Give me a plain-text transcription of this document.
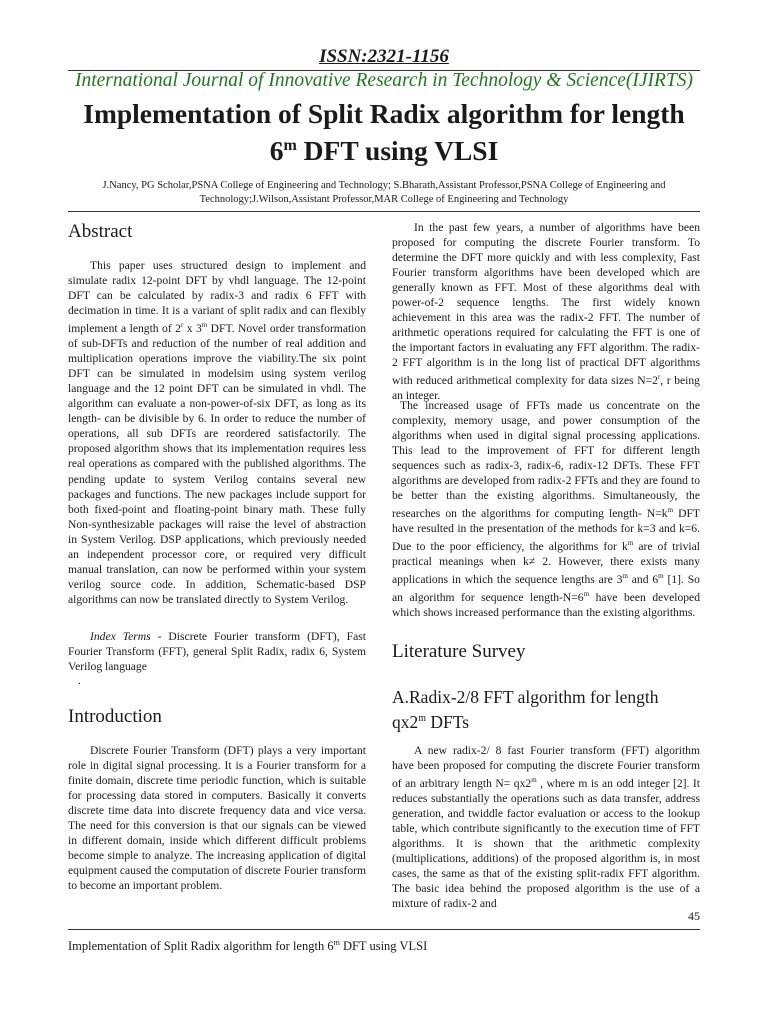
ISSN:2321-1156
International Journal of Innovative Research in Technology & Science(IJIRTS)
Implementation of Split Radix algorithm for length
6$^m$ DFT using VLSI
J.Nancy, PG Scholar,PSNA College of Engineering and Technology; S.Bharath,Assistant Professor,PSNA College of Engineering and
Technology;J.Wilson,Assistant Professor,MAR College of Engineering and Technology
Abstract
This paper uses structured design to implement and simulate radix 12-point DFT by vhdl language. The 12-point DFT can be calculated by radix-3 and radix 6 FFT with decimation in time. It is a variant of split radix and can flexibly implement a length of 2$^r$ x 3$^m$ DFT. Novel order transformation of sub-DFTs and reduction of the number of real addition and multiplication operations improve the viability.The six point DFT can be simulated in modelsim using system verilog language and the 12 point DFT can be simulated in vhdl. The algorithm can evaluate a non-power-of-six DFT, as long as its length- can be divisible by 6. In order to reduce the number of operations, all sub DFTs are reordered satisfactorily. The proposed algorithm shows that its implementation requires less real operations as compared with the published algorithms. The pending update to system Verilog contains several new packages and functions. The new packages include support for both fixed-point and floating-point binary math. These fully Non-synthesizable packages will raise the level of abstraction in System Verilog. DSP applications, which previously needed an independent processor core, or required very difficult manual translation, can now be performed within your system verilog source code. In addition, Schematic-based DSP algorithms can now be translated directly to System Verilog.
Index Terms - Discrete Fourier transform (DFT), Fast Fourier Transform (FFT), general Split Radix, radix 6, System Verilog language
.
Introduction
Discrete Fourier Transform (DFT) plays a very important role in digital signal processing. It is a Fourier transform for a finite domain, discrete time periodic function, which is suitable for processing data stored in computers. Basically it converts discrete time data into discrete frequency data and vice versa. The need for this conversion is that our signals can be viewed in different domain, inside which different difficult problems become simple to analyze. The increasing application of digital equipment caused the computation of discrete Fourier transform to become an important problem.
In the past few years, a number of algorithms have been proposed for computing the discrete Fourier transform. To determine the DFT more quickly and with less complexity, Fast Fourier transform algorithms have been developed which are generally known as FFT. Most of these algorithms deal with power-of-2 sequence lengths. The first widely known achievement in this area was the radix-2 FFT. The number of arithmetic operations required for calculating the FFT is one of the important factors in evaluating any FFT algorithm. The radix-2 FFT algorithm is in the long list of practical DFT algorithms with reduced arithmetical complexity for data sizes $N=2^r$, r being an integer.
The increased usage of FFTs made us concentrate on the complexity, memory usage, and power consumption of the algorithms when used in digital signal processing applications. This lead to the improvement of FFT for different length sequences such as radix-3, radix-6, radix-12 DFTs. These FFT algorithms are developed from radix-2 FFTs and they are found to be better than the existing algorithms. Simultaneously, the researches on the algorithms for computing length- $N=k^m$ DFT have resulted in the presentation of the methods for k=3 and k=6. Due to the poor efficiency, the algorithms for $k^m$ are of trivial practical meanings when k≠ 2. However, there exists many applications in which the sequence lengths are 3$^m$ and 6$^m$ [1]. So an algorithm for sequence length-$N=6^m$ have been developed which shows increased performance than the existing algorithms.
Literature Survey
A.Radix-2/8 FFT algorithm for length
qx2$^m$ DFTs
A new radix-2/ 8 fast Fourier transform (FFT) algorithm have been proposed for computing the discrete Fourier transform of an arbitrary length $N= qx2^m$ , where m is an odd integer [2]. It reduces substantially the operations such as data transfer, address generation, and twiddle factor evaluation or access to the lookup table, which contribute significantly to the execution time of FFT algorithms. It is shown that the arithmetic complexity (multiplications, additions) of the proposed algorithm is, in most cases, the same as that of the existing split-radix FFT algorithm. The basic idea behind the proposed algorithm is the use of a mixture of radix-2 and
45
Implementation of Split Radix algorithm for length 6$^m$ DFT using VLSI
